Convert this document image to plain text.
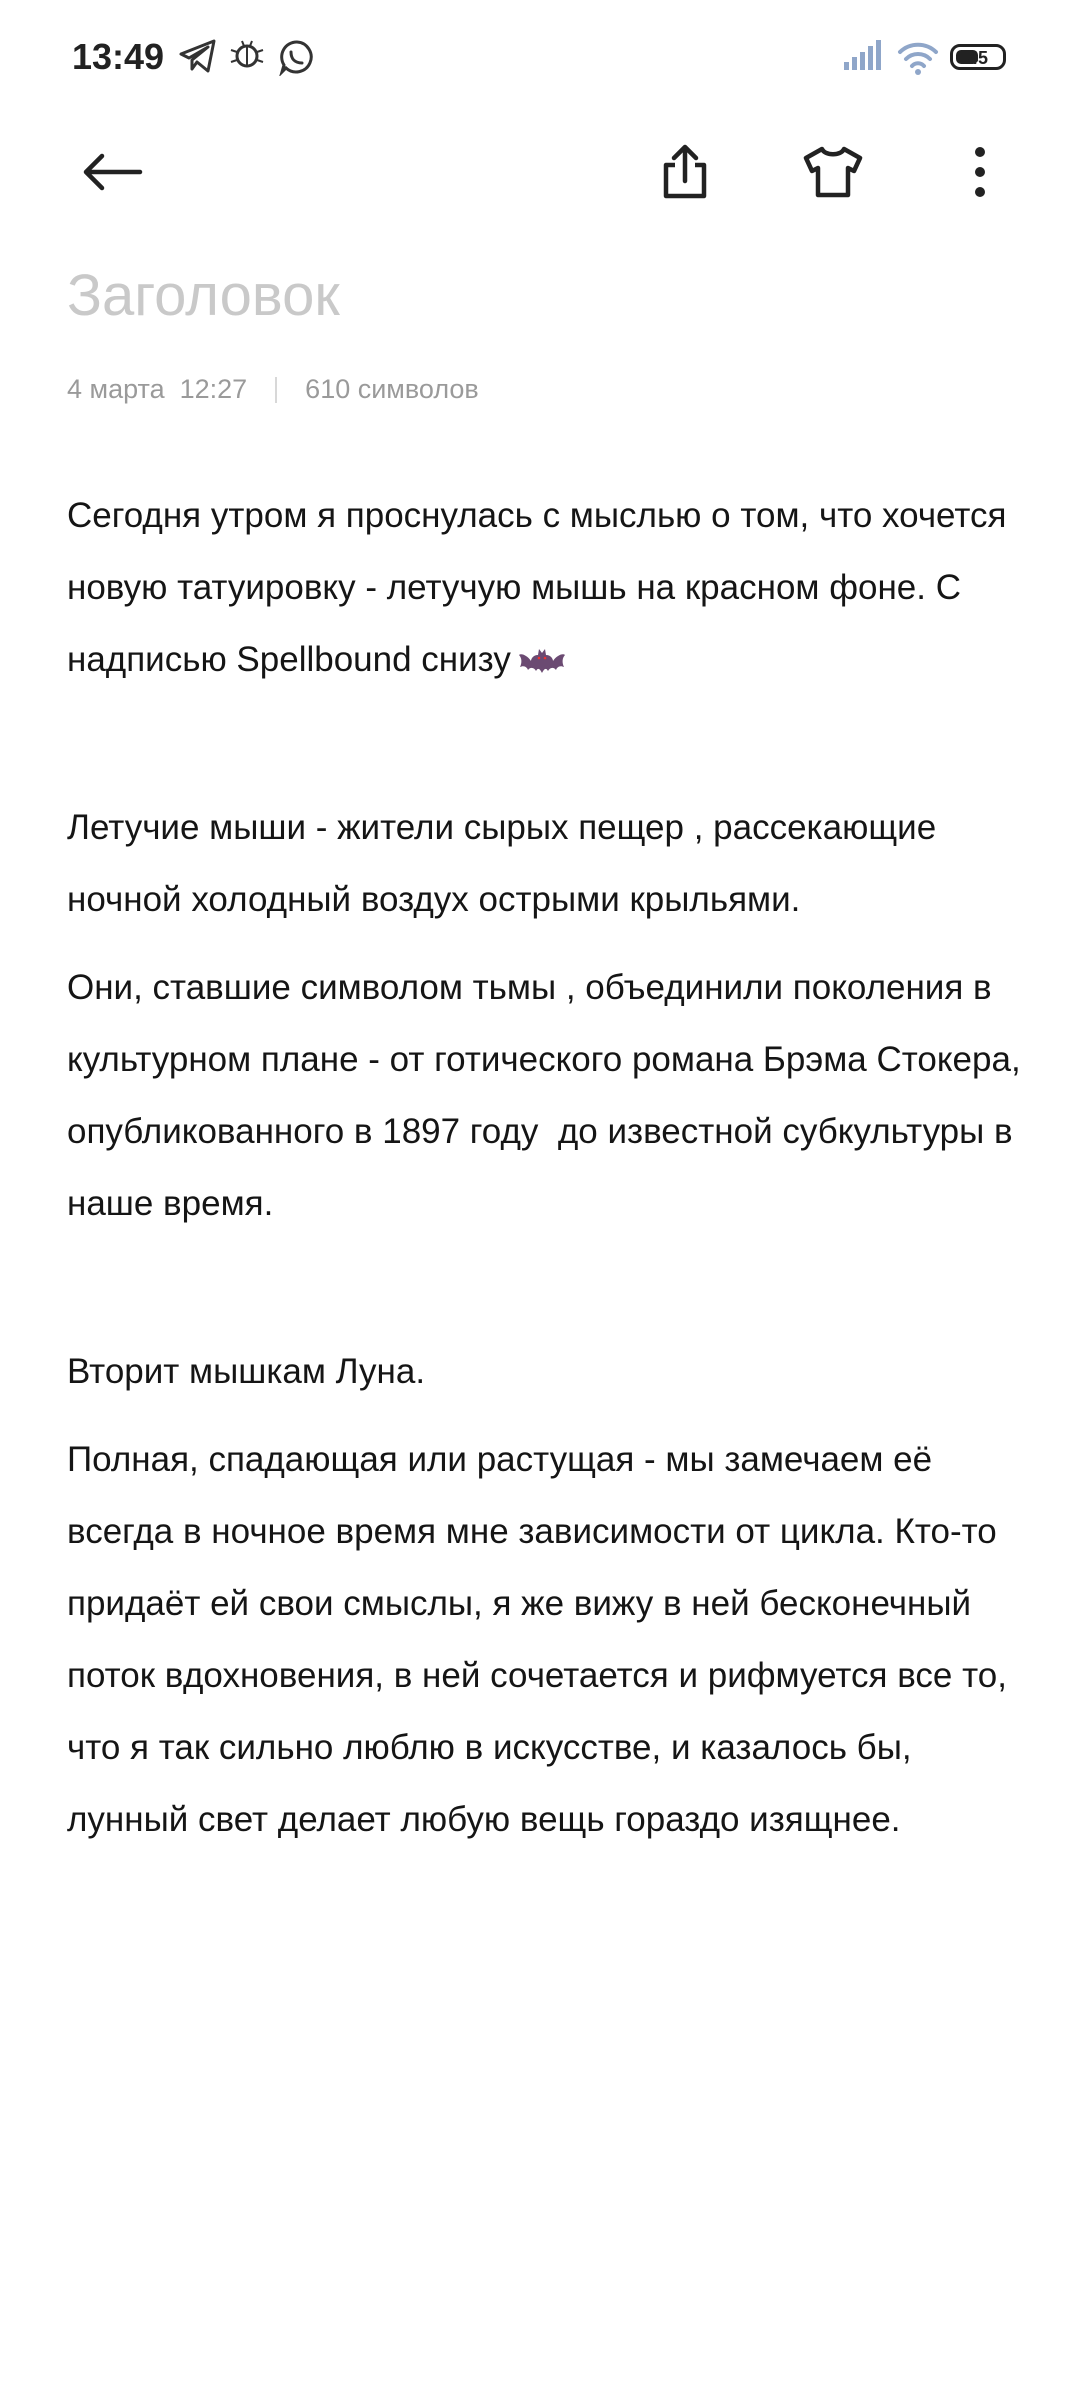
13:49	45
Заголовок
4 марта  12:27 610 символов

Сегодня утром я проснулась с мыслью о том, что хочется новую татуировку - летучую мышь на красном фоне. С надписью Spellbound снизу

Летучие мыши - жители сырых пещер , рассекающие ночной холодный воздух острыми крыльями.

Они, ставшие символом тьмы , объединили поколения в культурном плане - от готического романа Брэма Стокера, опубликованного в 1897 году  до известной субкультуры в наше время.

Вторит мышкам Луна.

Полная, спадающая или растущая - мы замечаем её всегда в ночное время мне зависимости от цикла. Кто-то придаёт ей свои смыслы, я же вижу в ней бесконечный поток вдохновения, в ней сочетается и рифмуется все то, что я так сильно люблю в искусстве, и казалось бы, лунный свет делает любую вещь гораздо изящнее.
